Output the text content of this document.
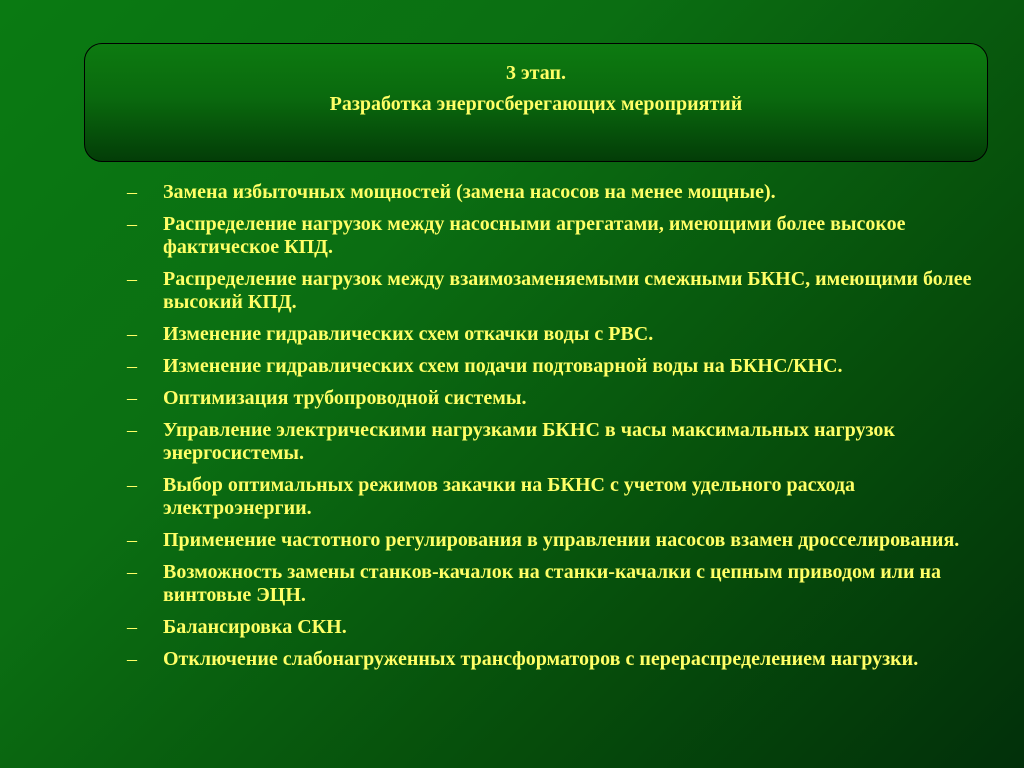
3 этап.
Разработка энергосберегающих мероприятий
– Замена избыточных мощностей (замена насосов на менее мощные).
– Распределение нагрузок между насосными агрегатами, имеющими более высокое фактическое КПД.
– Распределение нагрузок между взаимозаменяемыми смежными БКНС, имеющими более высокий КПД.
– Изменение гидравлических схем откачки воды с РВС.
– Изменение гидравлических схем подачи подтоварной воды на БКНС/КНС.
– Оптимизация трубопроводной системы.
– Управление электрическими нагрузками БКНС в часы максимальных нагрузок энергосистемы.
– Выбор оптимальных режимов закачки на БКНС с учетом удельного расхода электроэнергии.
– Применение частотного регулирования в управлении насосов взамен дросселирования.
– Возможность замены станков-качалок на станки-качалки с цепным приводом или на винтовые ЭЦН.
– Балансировка СКН.
– Отключение слабонагруженных трансформаторов с перераспределением нагрузки.
